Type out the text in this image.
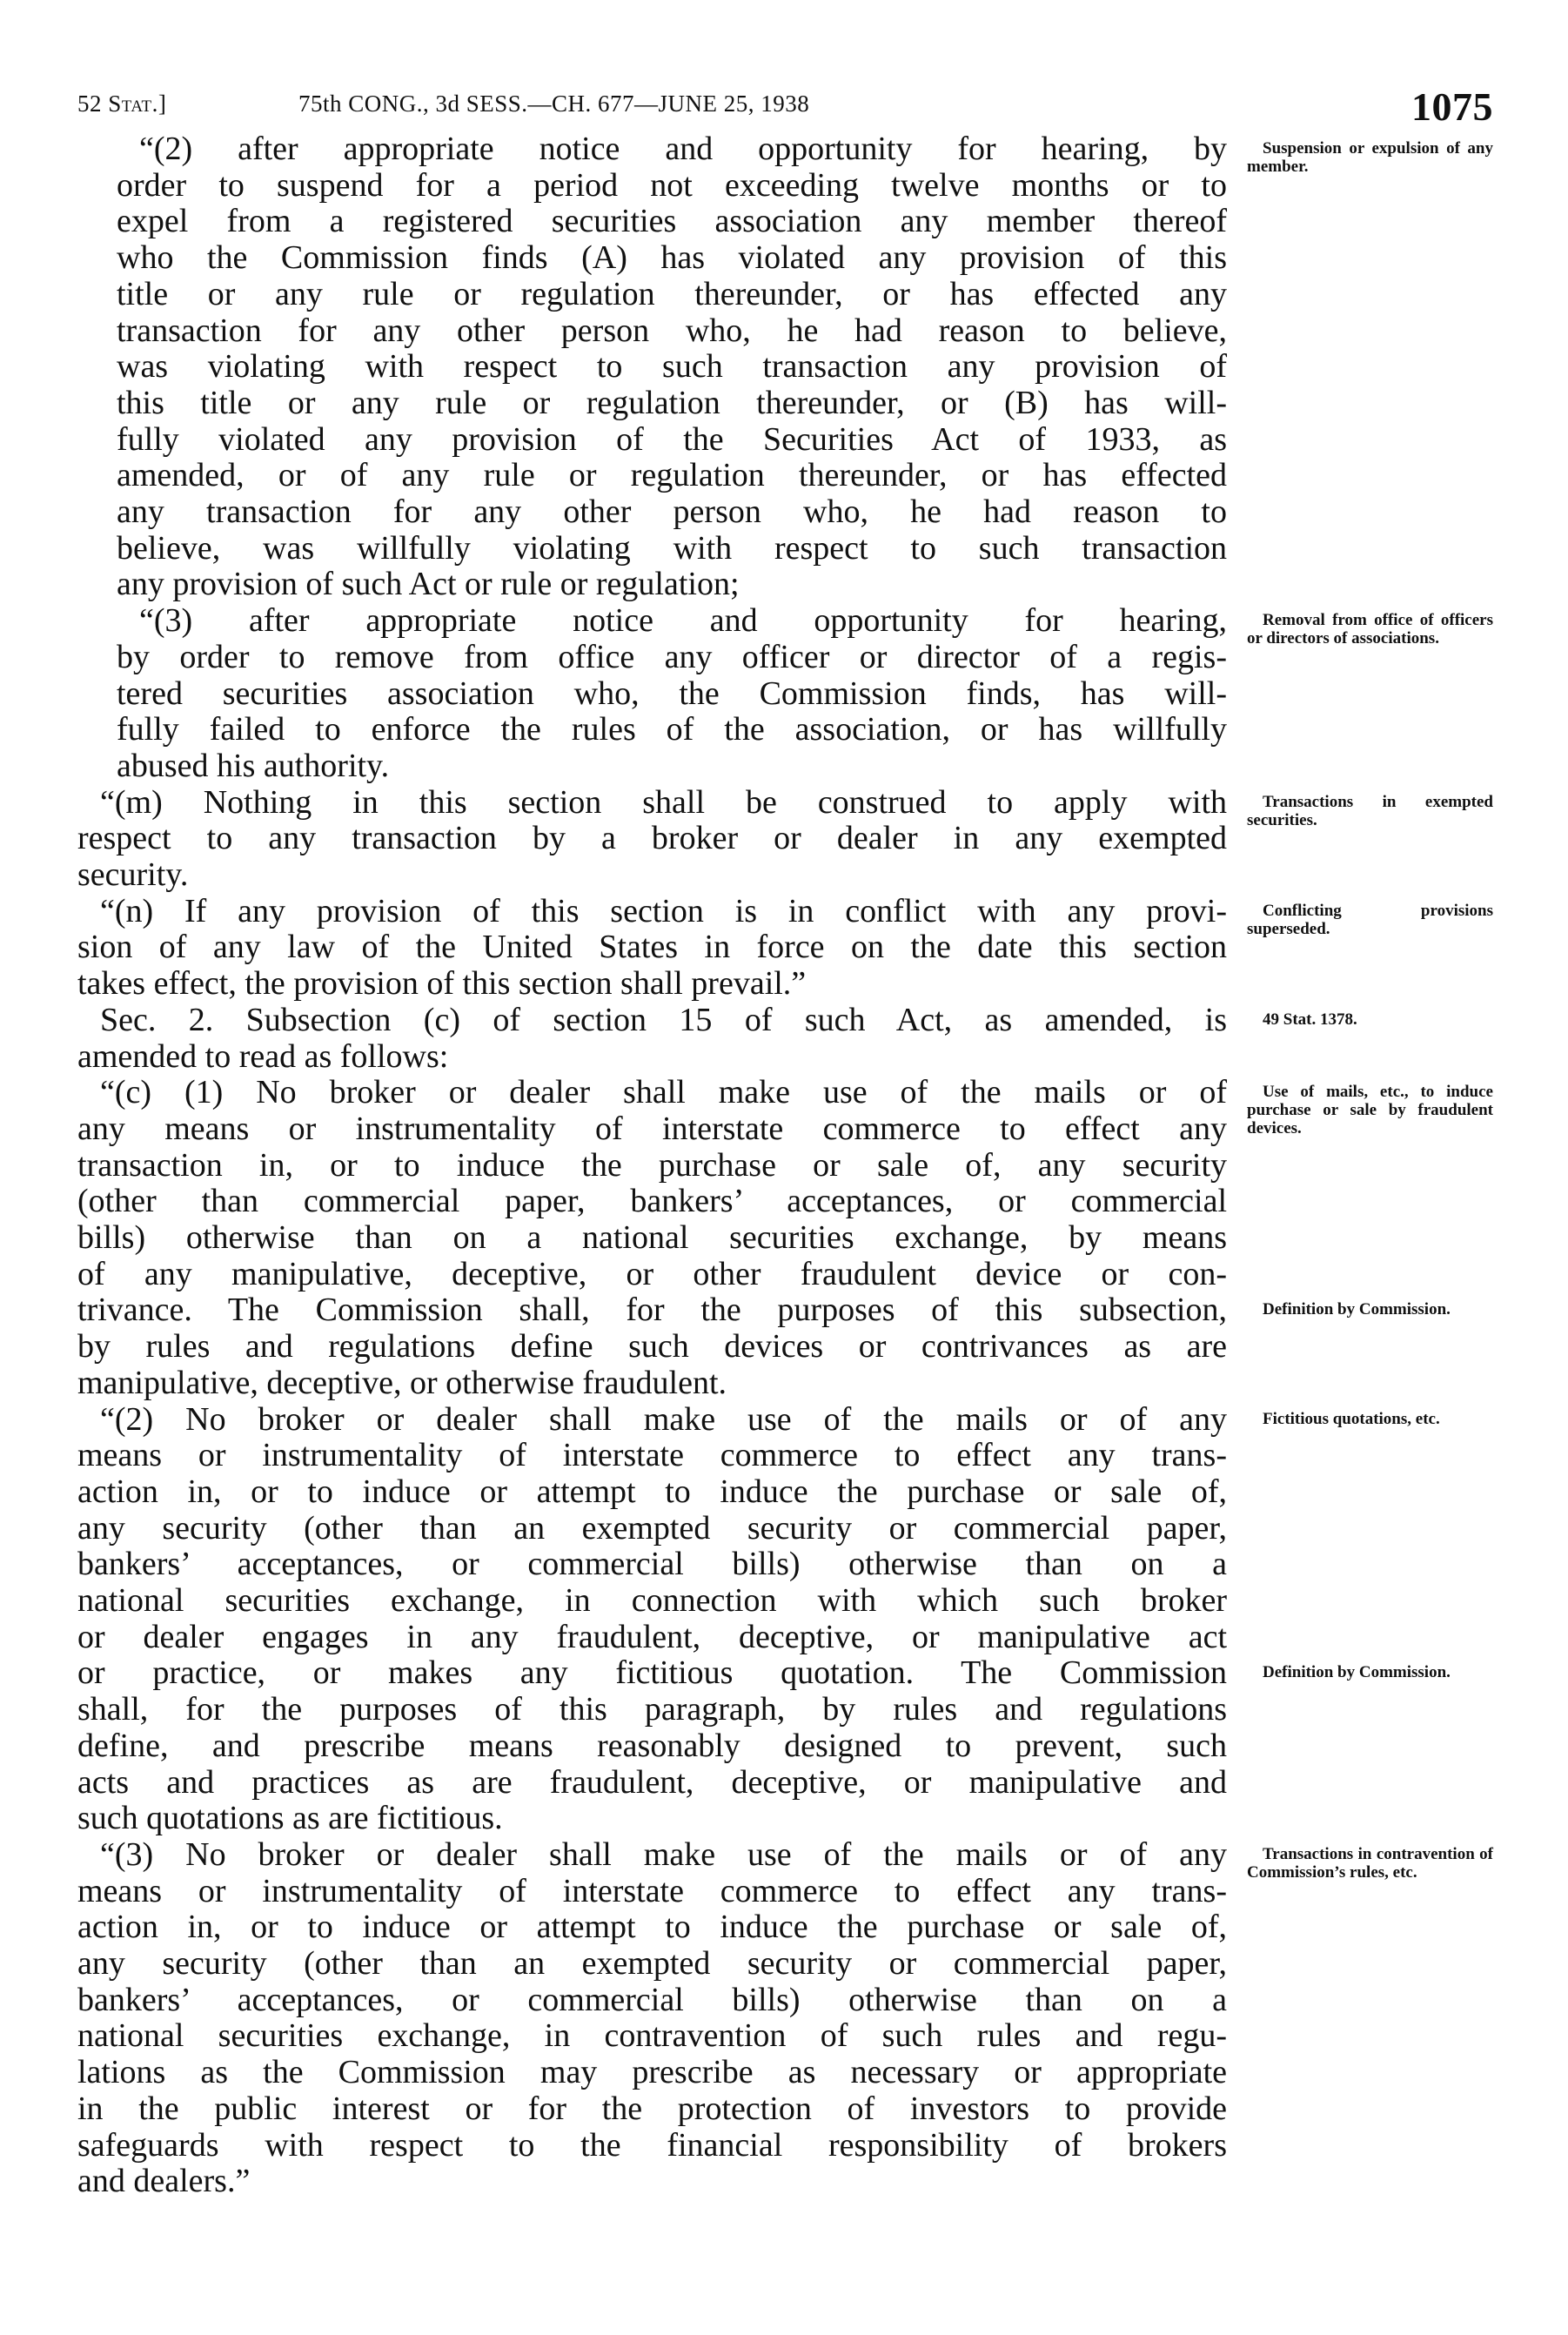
52 Stat.]	75th CONG., 3d SESS.—CH. 677—JUNE 25, 1938	1075
“(2) after appropriate notice and opportunity for hearing, by
order to suspend for a period not exceeding twelve months or to
expel from a registered securities association any member thereof
who the Commission finds (A) has violated any provision of this
title or any rule or regulation thereunder, or has effected any
transaction for any other person who, he had reason to believe,
was violating with respect to such transaction any provision of
this title or any rule or regulation thereunder, or (B) has will-
fully violated any provision of the Securities Act of 1933, as
amended, or of any rule or regulation thereunder, or has effected
any transaction for any other person who, he had reason to
believe, was willfully violating with respect to such transaction
any provision of such Act or rule or regulation;
“(3) after appropriate notice and opportunity for hearing,
by order to remove from office any officer or director of a regis-
tered securities association who, the Commission finds, has will-
fully failed to enforce the rules of the association, or has willfully
abused his authority.
“(m) Nothing in this section shall be construed to apply with
respect to any transaction by a broker or dealer in any exempted
security.
“(n) If any provision of this section is in conflict with any provi-
sion of any law of the United States in force on the date this section
takes effect, the provision of this section shall prevail.”
Sec. 2. Subsection (c) of section 15 of such Act, as amended, is
amended to read as follows:
“(c) (1) No broker or dealer shall make use of the mails or of
any means or instrumentality of interstate commerce to effect any
transaction in, or to induce the purchase or sale of, any security
(other than commercial paper, bankers’ acceptances, or commercial
bills) otherwise than on a national securities exchange, by means
of any manipulative, deceptive, or other fraudulent device or con-
trivance. The Commission shall, for the purposes of this subsection,
by rules and regulations define such devices or contrivances as are
manipulative, deceptive, or otherwise fraudulent.
“(2) No broker or dealer shall make use of the mails or of any
means or instrumentality of interstate commerce to effect any trans-
action in, or to induce or attempt to induce the purchase or sale of,
any security (other than an exempted security or commercial paper,
bankers’ acceptances, or commercial bills) otherwise than on a
national securities exchange, in connection with which such broker
or dealer engages in any fraudulent, deceptive, or manipulative act
or practice, or makes any fictitious quotation. The Commission
shall, for the purposes of this paragraph, by rules and regulations
define, and prescribe means reasonably designed to prevent, such
acts and practices as are fraudulent, deceptive, or manipulative and
such quotations as are fictitious.
“(3) No broker or dealer shall make use of the mails or of any
means or instrumentality of interstate commerce to effect any trans-
action in, or to induce or attempt to induce the purchase or sale of,
any security (other than an exempted security or commercial paper,
bankers’ acceptances, or commercial bills) otherwise than on a
national securities exchange, in contravention of such rules and regu-
lations as the Commission may prescribe as necessary or appropriate
in the public interest or for the protection of investors to provide
safeguards with respect to the financial responsibility of brokers
and dealers.”
Suspension or expulsion of any member.
Removal from office of officers or directors of associations.
Transactions in exempted securities.
Conflicting provisions superseded.
49 Stat. 1378.
Use of mails, etc., to induce purchase or sale by fraudulent devices.
Definition by Commission.
Fictitious quotations, etc.
Definition by Commission.
Transactions in contravention of Commission’s rules, etc.
